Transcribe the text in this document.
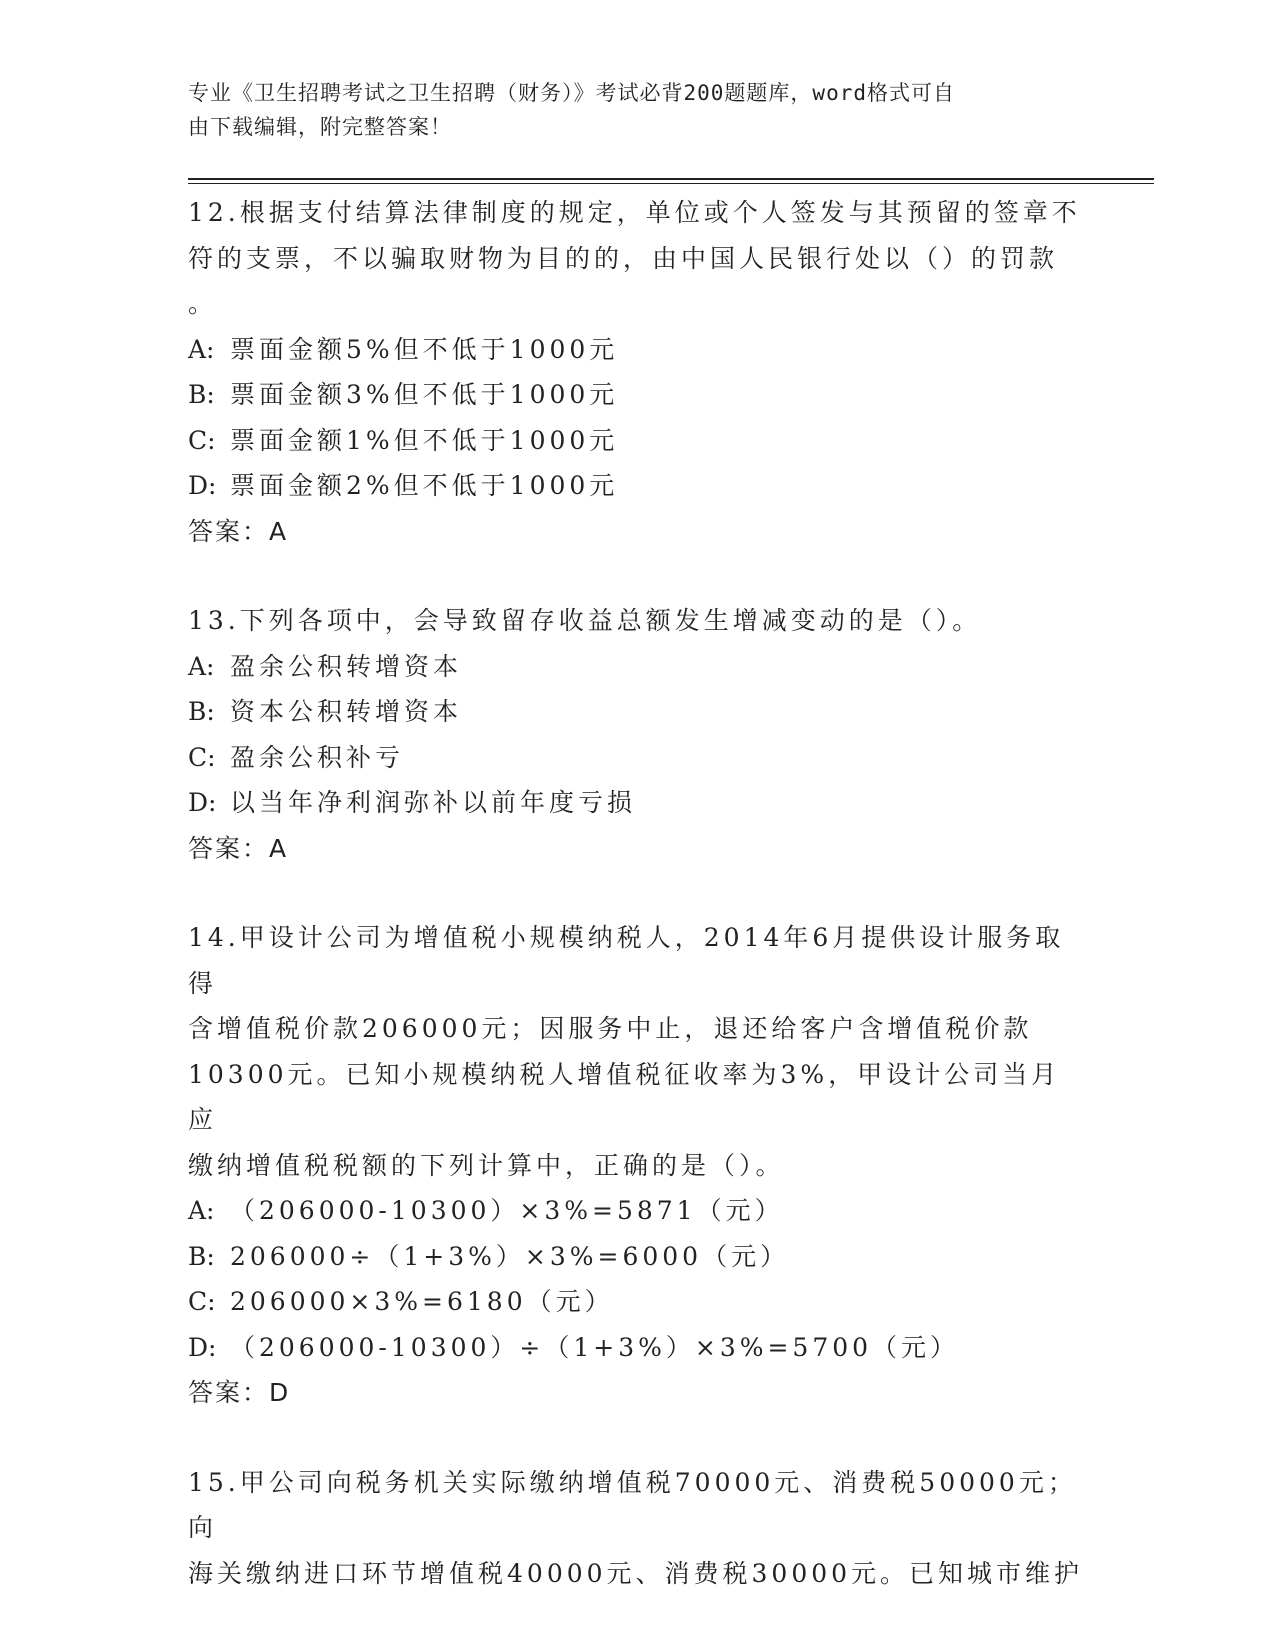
专业《卫生招聘考试之卫生招聘（财务）》考试必背200题题库，word格式可自
由下载编辑，附完整答案！

12.根据支付结算法律制度的规定，单位或个人签发与其预留的签章不

符的支票，不以骗取财物为目的的，由中国人民银行处以（）的罚款

。

A: 票面金额5%但不低于1000元

B: 票面金额3%但不低于1000元

C: 票面金额1%但不低于1000元

D: 票面金额2%但不低于1000元

答案：A

13.下列各项中，会导致留存收益总额发生增减变动的是（）。

A: 盈余公积转增资本

B: 资本公积转增资本

C: 盈余公积补亏

D: 以当年净利润弥补以前年度亏损

答案：A

14.甲设计公司为增值税小规模纳税人，2014年6月提供设计服务取得

含增值税价款206000元；因服务中止，退还给客户含增值税价款

10300元。已知小规模纳税人增值税征收率为3%，甲设计公司当月应

缴纳增值税税额的下列计算中，正确的是（）。

A: （206000-10300）×3%=5871（元）

B: 206000÷（1+3%）×3%=6000（元）

C: 206000×3%=6180（元）

D: （206000-10300）÷（1+3%）×3%=5700（元）

答案：D

15.甲公司向税务机关实际缴纳增值税70000元、消费税50000元；向

海关缴纳进口环节增值税40000元、消费税30000元。已知城市维护
